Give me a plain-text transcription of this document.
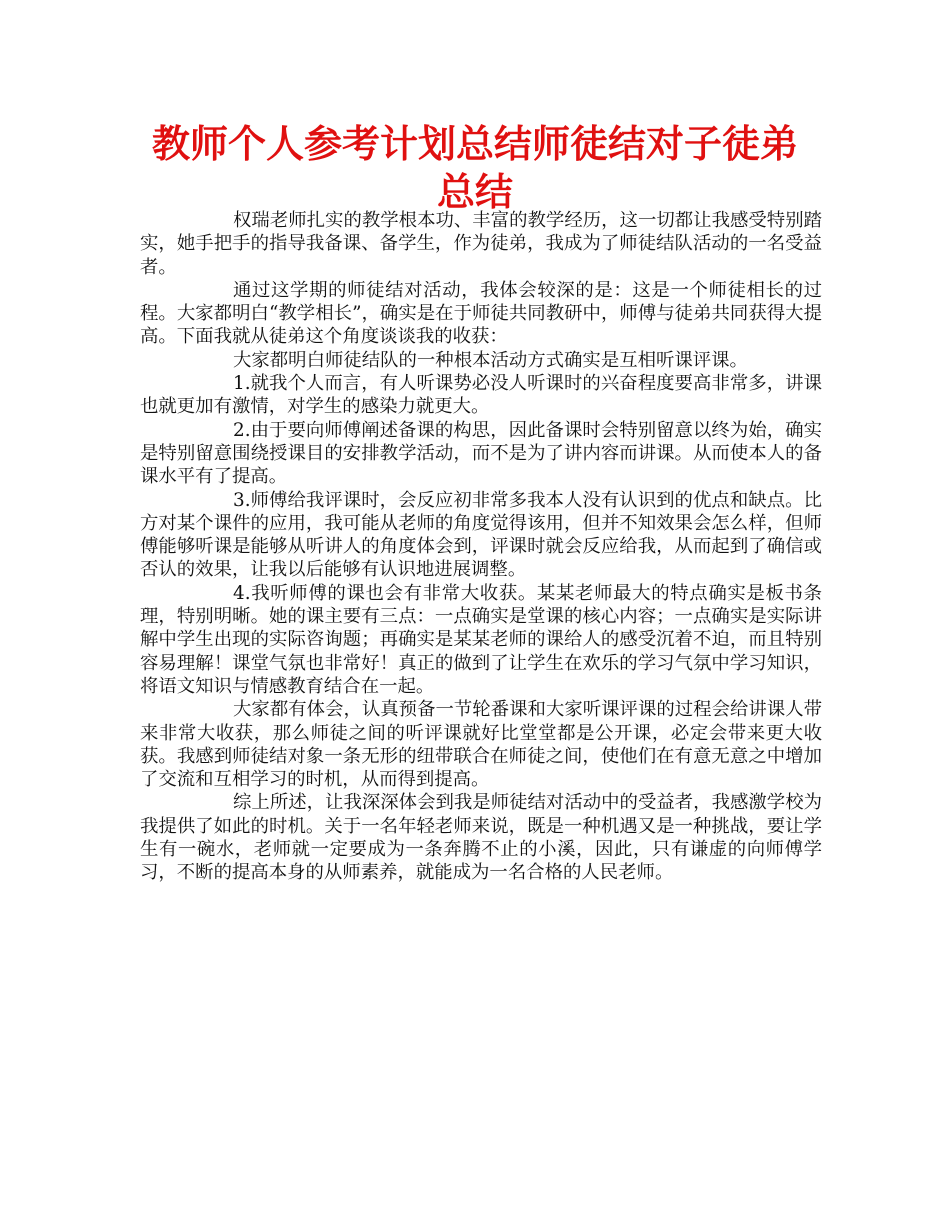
教师个人参考计划总结师徒结对子徒弟总结

权瑞老师扎实的教学根本功、丰富的教学经历，这一切都让我感受特别踏实，她手把手的指导我备课、备学生，作为徒弟，我成为了师徒结队活动的一名受益者。

通过这学期的师徒结对活动，我体会较深的是：这是一个师徒相长的过程。大家都明白“教学相长”，确实是在于师徒共同教研中，师傅与徒弟共同获得大提高。下面我就从徒弟这个角度谈谈我的收获：

大家都明白师徒结队的一种根本活动方式确实是互相听课评课。

1.就我个人而言，有人听课势必没人听课时的兴奋程度要高非常多，讲课也就更加有激情，对学生的感染力就更大。

2.由于要向师傅阐述备课的构思，因此备课时会特别留意以终为始，确实是特别留意围绕授课目的安排教学活动，而不是为了讲内容而讲课。从而使本人的备课水平有了提高。

3.师傅给我评课时，会反应初非常多我本人没有认识到的优点和缺点。比方对某个课件的应用，我可能从老师的角度觉得该用，但并不知效果会怎么样，但师傅能够听课是能够从听讲人的角度体会到，评课时就会反应给我，从而起到了确信或否认的效果，让我以后能够有认识地进展调整。

4.我听师傅的课也会有非常大收获。某某老师最大的特点确实是板书条理，特别明晰。她的课主要有三点：一点确实是堂课的核心内容；一点确实是实际讲解中学生出现的实际咨询题；再确实是某某老师的课给人的感受沉着不迫，而且特别容易理解！课堂气氛也非常好！真正的做到了让学生在欢乐的学习气氛中学习知识，将语文知识与情感教育结合在一起。

大家都有体会，认真预备一节轮番课和大家听课评课的过程会给讲课人带来非常大收获，那么师徒之间的听评课就好比堂堂都是公开课，必定会带来更大收获。我感到师徒结对象一条无形的纽带联合在师徒之间，使他们在有意无意之中增加了交流和互相学习的时机，从而得到提高。

综上所述，让我深深体会到我是师徒结对活动中的受益者，我感激学校为我提供了如此的时机。关于一名年轻老师来说，既是一种机遇又是一种挑战，要让学生有一碗水，老师就一定要成为一条奔腾不止的小溪，因此，只有谦虚的向师傅学习，不断的提高本身的从师素养，就能成为一名合格的人民老师。
